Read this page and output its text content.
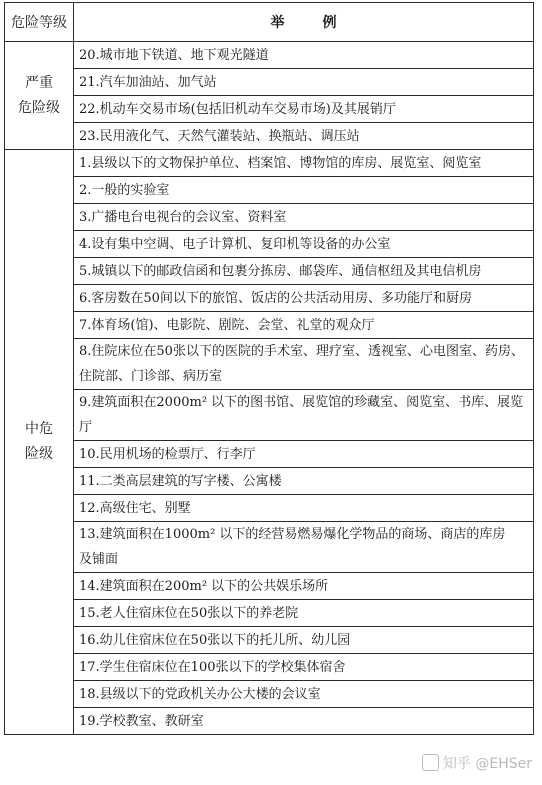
危险等级	举例

严重
危险级	20.城市地下铁道、地下观光隧道

	21.汽车加油站、加气站

	22.机动车交易市场(包括旧机动车交易市场)及其展销厅

	23.民用液化气、天然气灌装站、换瓶站、调压站

中危
险级	1.县级以下的文物保护单位、档案馆、博物馆的库房、展览室、阅览室

	2.一般的实验室

	3.广播电台电视台的会议室、资料室

	4.设有集中空调、电子计算机、复印机等设备的办公室

	5.城镇以下的邮政信函和包裹分拣房、邮袋库、通信枢纽及其电信机房

	6.客房数在50间以下的旅馆、饭店的公共活动用房、多功能厅和厨房

	7.体育场(馆)、电影院、剧院、会堂、礼堂的观众厅

	8.住院床位在50张以下的医院的手术室、理疗室、透视室、心电图室、药房、
住院部、门诊部、病历室

	9.建筑面积在2000m² 以下的图书馆、展览馆的珍藏室、阅览室、书库、展览
厅

	10.民用机场的检票厅、行李厅

	11.二类高层建筑的写字楼、公寓楼

	12.高级住宅、别墅

	13.建筑面积在1000m² 以下的经营易燃易爆化学物品的商场、商店的库房
及铺面

	14.建筑面积在200m² 以下的公共娱乐场所

	15.老人住宿床位在50张以下的养老院

	16.幼儿住宿床位在50张以下的托儿所、幼儿园

	17.学生住宿床位在100张以下的学校集体宿舍

	18.县级以下的党政机关办公大楼的会议室

	19.学校教室、教研室
知乎 @EHSer
